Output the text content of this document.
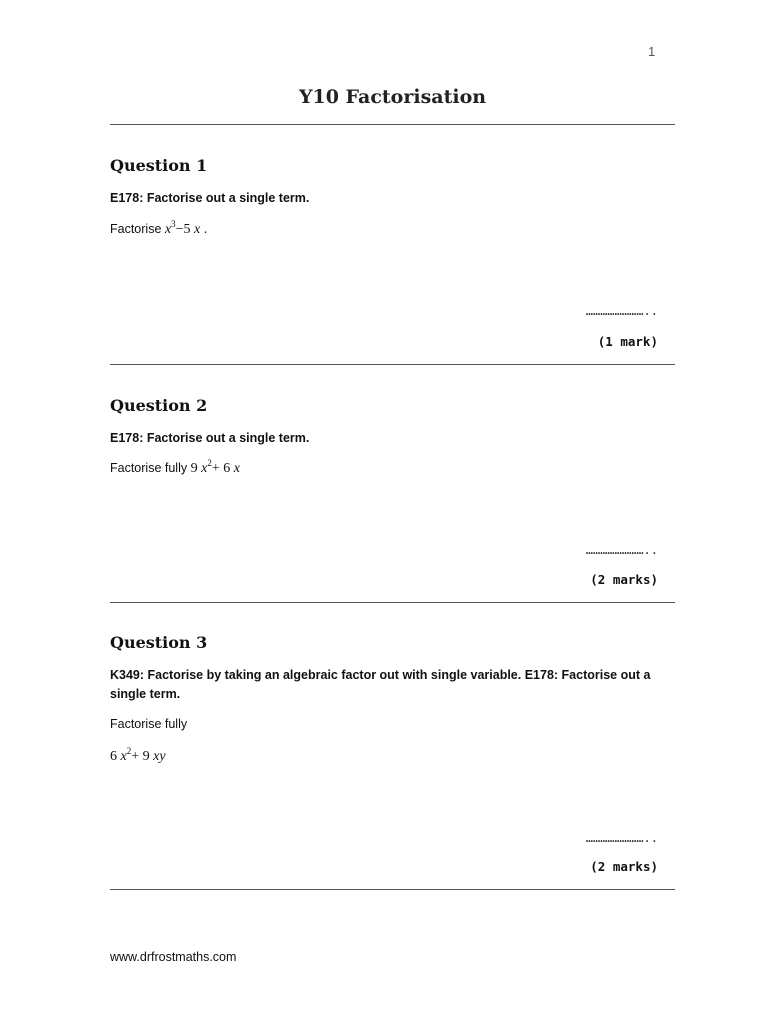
1
Y10 Factorisation
Question 1
E178: Factorise out a single term.
Factorise $x^3-5$ x .
……………………..
(1 mark)
Question 2
E178: Factorise out a single term.
Factorise fully 9 $x^2+ 6$ x
……………………..
(2 marks)
Question 3
K349: Factorise by taking an algebraic factor out with single variable. E178: Factorise out a single term.
Factorise fully
6 $x^2+ 9$ xy
……………………..
(2 marks)
www.drfrostmaths.com
